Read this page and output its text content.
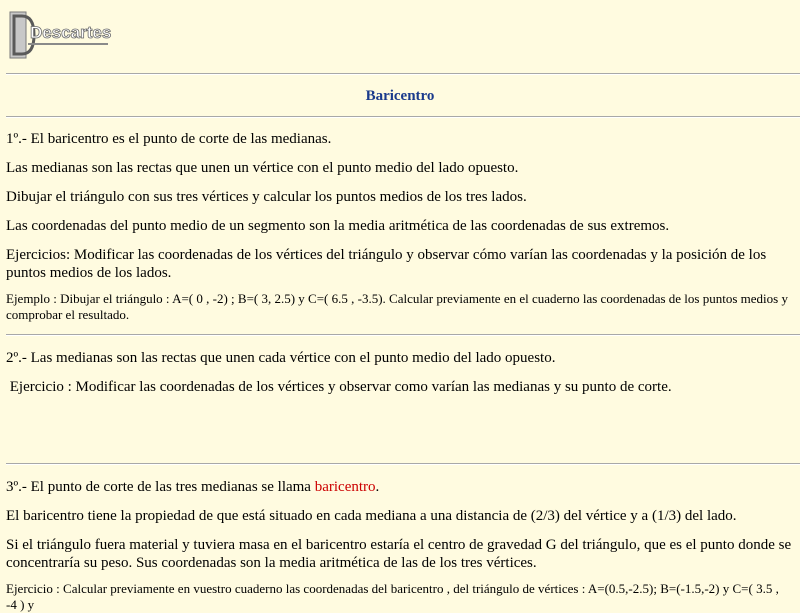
Descartes
Baricentro

1º.- El baricentro es el punto de corte de las medianas.

Las medianas son las rectas que unen un vértice con el punto medio del lado opuesto.

Dibujar el triángulo con sus tres vértices y calcular los puntos medios de los tres lados.

Las coordenadas del punto medio de un segmento son la media aritmética de las coordenadas de sus extremos.

Ejercicios: Modificar las coordenadas de los vértices del triángulo y observar cómo varían las coordenadas y la posición de los puntos medios de los lados.

Ejemplo : Dibujar el triángulo : A=( 0 , -2) ; B=( 3, 2.5) y C=( 6.5 , -3.5). Calcular previamente en el cuaderno las coordenadas de los puntos medios y comprobar el resultado.

2º.- Las medianas son las rectas que unen cada vértice con el punto medio del lado opuesto.

Ejercicio : Modificar las coordenadas de los vértices y observar como varían las medianas y su punto de corte.

3º.- El punto de corte de las tres medianas se llama baricentro.

El baricentro tiene la propiedad de que está situado en cada mediana a una distancia de (2/3) del vértice y a (1/3) del lado.

Si el triángulo fuera material y tuviera masa en el baricentro estaría el centro de gravedad G del triángulo, que es el punto donde se concentraría su peso. Sus coordenadas son la media aritmética de las de los tres vértices.

Ejercicio : Calcular previamente en vuestro cuaderno las coordenadas del baricentro , del triángulo de vértices : A=(0.5,-2.5); B=(-1.5,-2) y C=( 3.5 , -4 ) y
